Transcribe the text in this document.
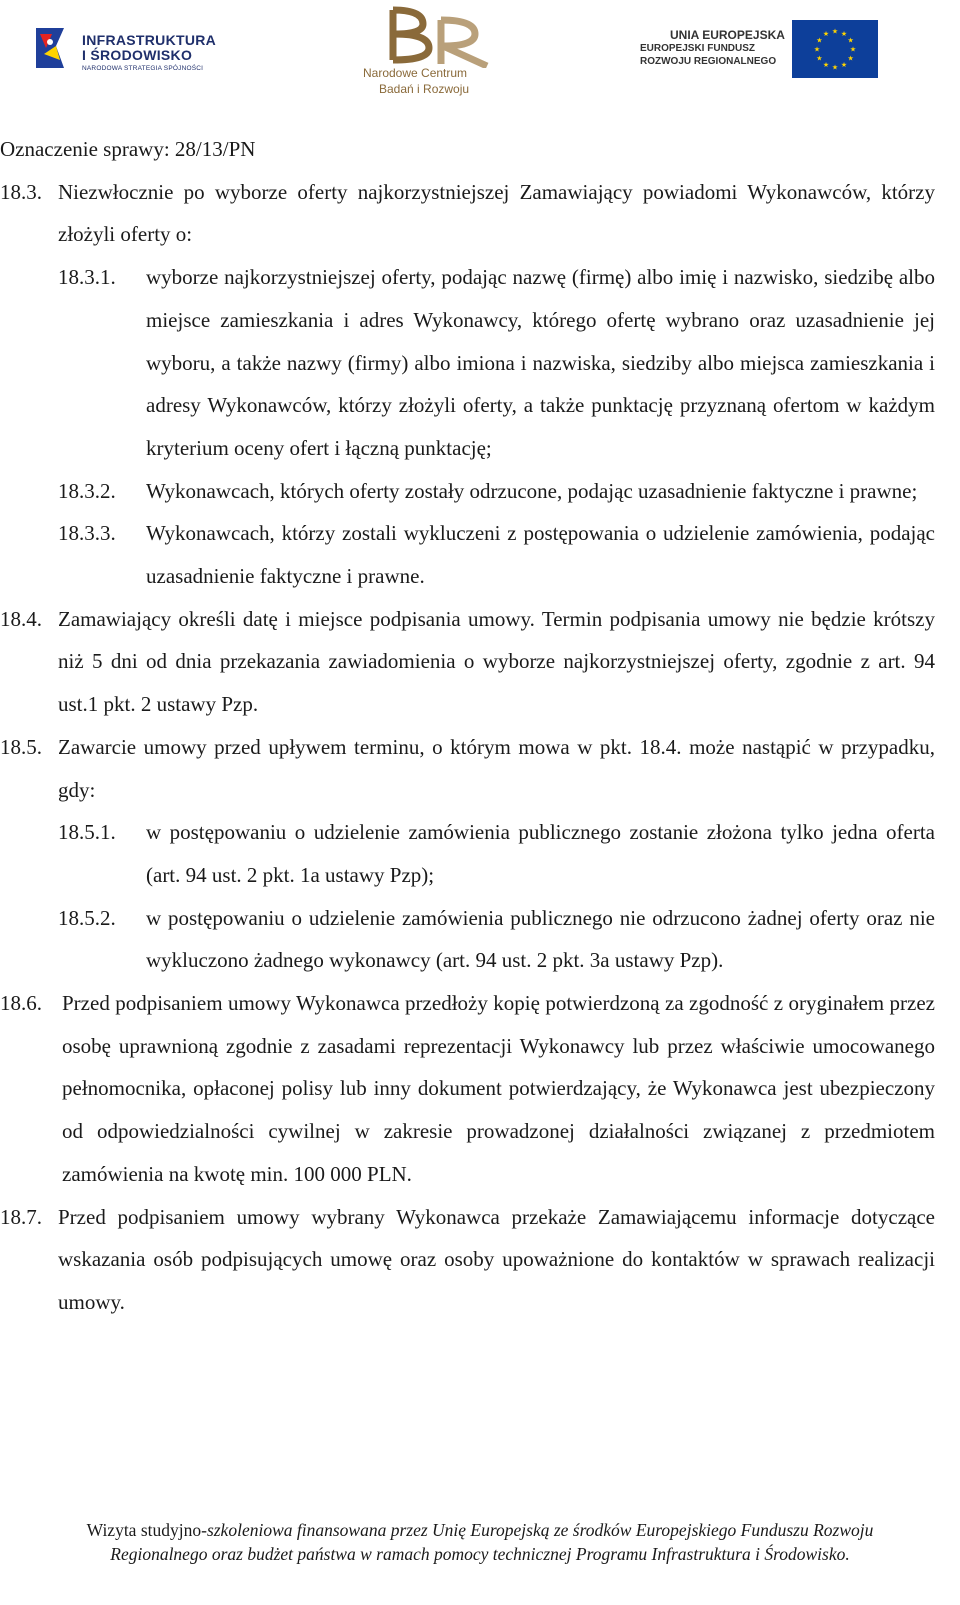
INFRASTRUKTURA
I ŚRODOWISKO
NARODOWA STRATEGIA SPÓJNOŚCI	Narodowe Centrum
Badań i Rozwoju
UNIA EUROPEJSKA
EUROPEJSKI FUNDUSZ
ROZWOJU REGIONALNEGO
★ ★
★
★
★
★
★
★
★
★
★
★

Oznaczenie sprawy: 28/13/PN

18.3. Niezwłocznie po wyborze oferty najkorzystniejszej Zamawiający powiadomi Wykonawców, którzy złożyli oferty o:
18.3.1. wyborze najkorzystniejszej oferty, podając nazwę (firmę) albo imię i nazwisko, siedzibę albo miejsce zamieszkania i adres Wykonawcy, którego ofertę wybrano oraz uzasadnienie jej wyboru, a także nazwy (firmy) albo imiona i nazwiska, siedziby albo miejsca zamieszkania i adresy Wykonawców, którzy złożyli oferty, a także punktację przyznaną ofertom w każdym kryterium oceny ofert i łączną punktację;
18.3.2. Wykonawcach, których oferty zostały odrzucone, podając uzasadnienie faktyczne i prawne;
18.3.3. Wykonawcach, którzy zostali wykluczeni z postępowania o udzielenie zamówienia, podając uzasadnienie faktyczne i prawne.
18.4. Zamawiający określi datę i miejsce podpisania umowy. Termin podpisania umowy nie będzie krótszy niż 5 dni od dnia przekazania zawiadomienia o wyborze najkorzystniejszej oferty, zgodnie z art. 94 ust.1 pkt. 2 ustawy Pzp.
18.5. Zawarcie umowy przed upływem terminu, o którym mowa w pkt. 18.4. może nastąpić w przypadku, gdy:
18.5.1. w postępowaniu o udzielenie zamówienia publicznego zostanie złożona tylko jedna oferta (art. 94 ust. 2 pkt. 1a ustawy Pzp);
18.5.2. w postępowaniu o udzielenie zamówienia publicznego nie odrzucono żadnej oferty oraz nie wykluczono żadnego wykonawcy (art. 94 ust. 2 pkt. 3a ustawy Pzp).
18.6. Przed podpisaniem umowy Wykonawca przedłoży kopię potwierdzoną za zgodność z oryginałem przez osobę uprawnioną zgodnie z zasadami reprezentacji Wykonawcy lub przez właściwie umocowanego pełnomocnika, opłaconej polisy lub inny dokument potwierdzający, że Wykonawca jest ubezpieczony od odpowiedzialności cywilnej w zakresie prowadzonej działalności związanej z przedmiotem zamówienia na kwotę min. 100 000 PLN.
18.7. Przed podpisaniem umowy wybrany Wykonawca przekaże Zamawiającemu informacje dotyczące wskazania osób podpisujących umowę oraz osoby upoważnione do kontaktów w sprawach realizacji umowy.
Wizyta studyjno-szkoleniowa finansowana przez Unię Europejską ze środków Europejskiego Funduszu Rozwoju
Regionalnego oraz budżet państwa w ramach pomocy technicznej Programu Infrastruktura i Środowisko.
